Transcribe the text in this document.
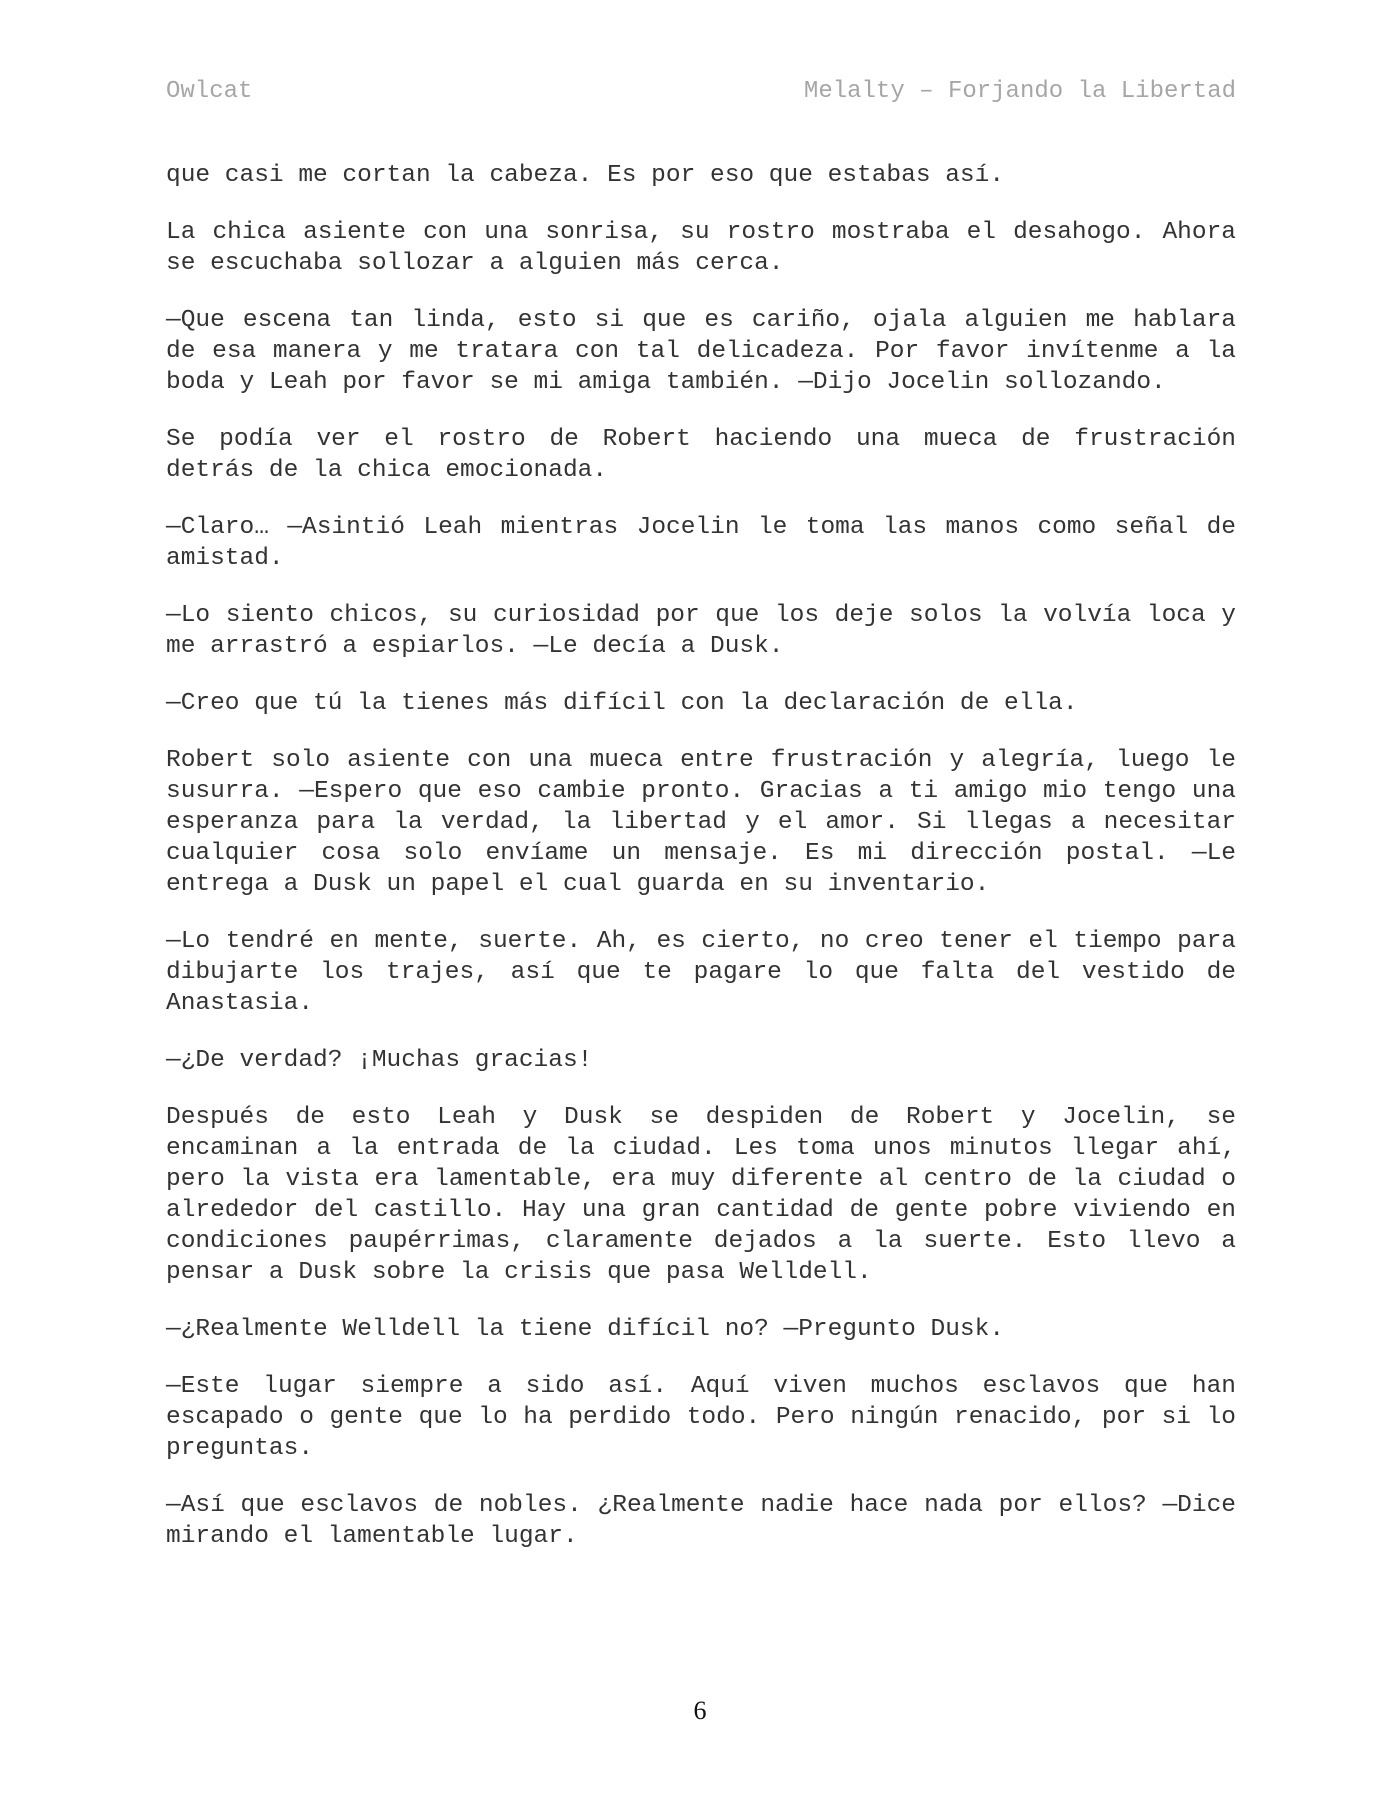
Owlcat	Melalty – Forjando la Libertad

que casi me cortan la cabeza. Es por eso que estabas así.

La chica asiente con una sonrisa, su rostro mostraba el desahogo. Ahora se escuchaba sollozar a alguien más cerca.

—Que escena tan linda, esto si que es cariño, ojala alguien me hablara de esa manera y me tratara con tal delicadeza. Por favor invítenme a la boda y Leah por favor se mi amiga también. —Dijo Jocelin sollozando.

Se podía ver el rostro de Robert haciendo una mueca de frustración detrás de la chica emocionada.

—Claro… —Asintió Leah mientras Jocelin le toma las manos como señal de amistad.

—Lo siento chicos, su curiosidad por que los deje solos la volvía loca y me arrastró a espiarlos. —Le decía a Dusk.

—Creo que tú la tienes más difícil con la declaración de ella.

Robert solo asiente con una mueca entre frustración y alegría, luego le susurra. —Espero que eso cambie pronto. Gracias a ti amigo mio tengo una esperanza para la verdad, la libertad y el amor. Si llegas a necesitar cualquier cosa solo envíame un mensaje. Es mi dirección postal. —Le entrega a Dusk un papel el cual guarda en su inventario.

—Lo tendré en mente, suerte. Ah, es cierto, no creo tener el tiempo para dibujarte los trajes, así que te pagare lo que falta del vestido de Anastasia.

—¿De verdad? ¡Muchas gracias!

Después de esto Leah y Dusk se despiden de Robert y Jocelin, se encaminan a la entrada de la ciudad. Les toma unos minutos llegar ahí, pero la vista era lamentable, era muy diferente al centro de la ciudad o alrededor del castillo. Hay una gran cantidad de gente pobre viviendo en condiciones paupérrimas, claramente dejados a la suerte. Esto llevo a pensar a Dusk sobre la crisis que pasa Welldell.

—¿Realmente Welldell la tiene difícil no? —Pregunto Dusk.

—Este lugar siempre a sido así. Aquí viven muchos esclavos que han escapado o gente que lo ha perdido todo. Pero ningún renacido, por si lo preguntas.

—Así que esclavos de nobles. ¿Realmente nadie hace nada por ellos? —Dice mirando el lamentable lugar.

6
